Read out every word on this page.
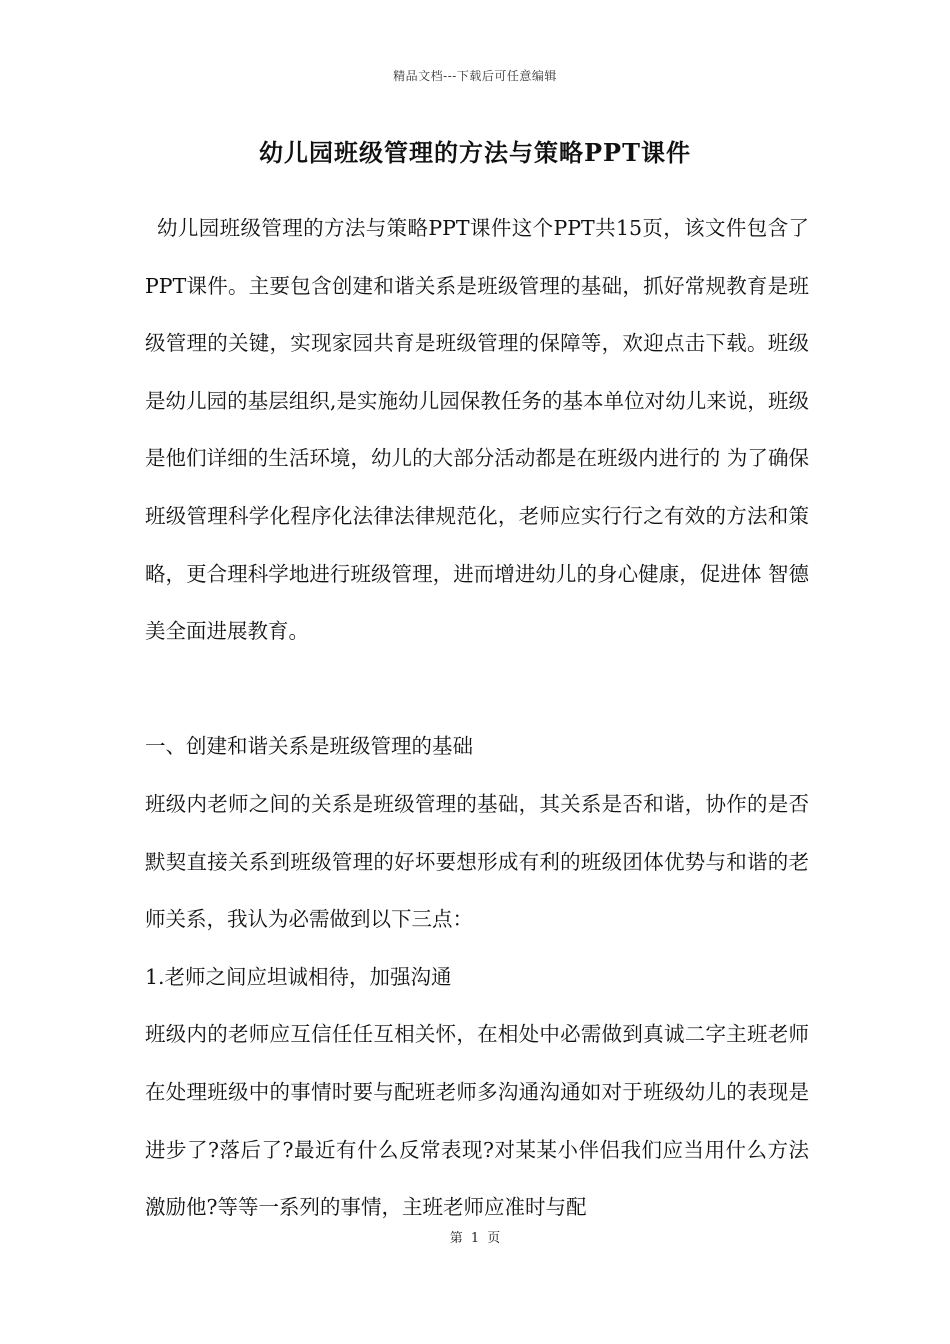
精品文档---下载后可任意编辑
幼儿园班级管理的方法与策略PPT课件

幼儿园班级管理的方法与策略PPT课件这个PPT共15页，该文件包含了PPT课件。主要包含创建和谐关系是班级管理的基础，抓好常规教育是班级管理的关键，实现家园共育是班级管理的保障等，欢迎点击下载。班级是幼儿园的基层组织,是实施幼儿园保教任务的基本单位对幼儿来说，班级是他们详细的生活环境，幼儿的大部分活动都是在班级内进行的 为了确保班级管理科学化程序化法律法律规范化，老师应实行行之有效的方法和策略，更合理科学地进行班级管理，进而增进幼儿的身心健康，促进体 智德美全面进展教育。

一、创建和谐关系是班级管理的基础

班级内老师之间的关系是班级管理的基础，其关系是否和谐，协作的是否默契直接关系到班级管理的好坏要想形成有利的班级团体优势与和谐的老师关系，我认为必需做到以下三点：

1.老师之间应坦诚相待，加强沟通

班级内的老师应互信任任互相关怀，在相处中必需做到真诚二字主班老师在处理班级中的事情时要与配班老师多沟通沟通如对于班级幼儿的表现是进步了?落后了?最近有什么反常表现?对某某小伴侣我们应当用什么方法激励他?等等一系列的事情，主班老师应准时与配

第 1 页
